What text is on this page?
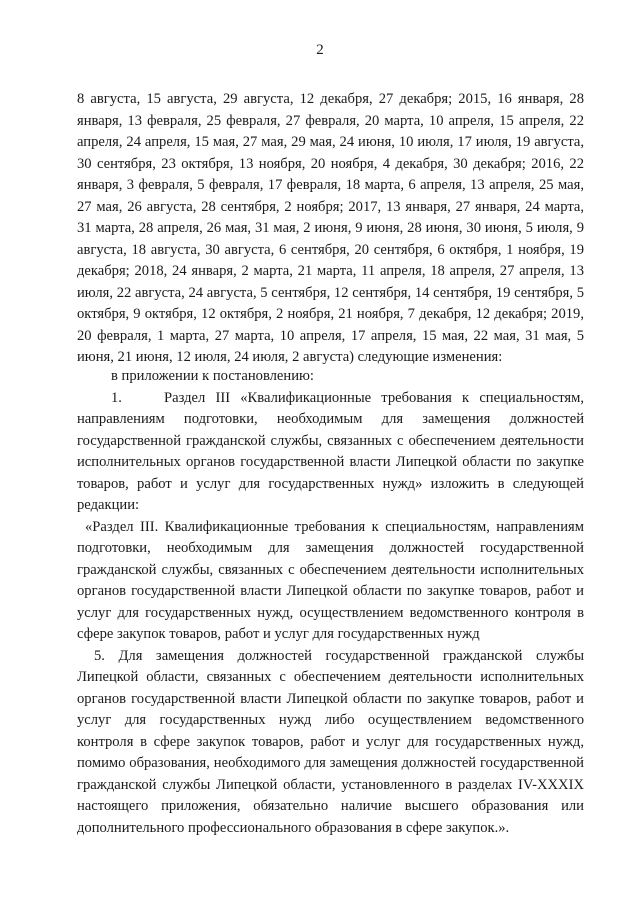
2

8 августа, 15 августа, 29 августа, 12 декабря, 27 декабря; 2015, 16 января, 28 января, 13 февраля, 25 февраля, 27 февраля, 20 марта, 10 апреля, 15 апреля, 22 апреля, 24 апреля, 15 мая, 27 мая, 29 мая, 24 июня, 10 июля, 17 июля, 19 августа, 30 сентября, 23 октября, 13 ноября, 20 ноября, 4 декабря, 30 декабря; 2016, 22 января, 3 февраля, 5 февраля, 17 февраля, 18 марта, 6 апреля, 13 апреля, 25 мая, 27 мая, 26 августа, 28 сентября, 2 ноября; 2017, 13 января, 27 января, 24 марта, 31 марта, 28 апреля, 26 мая, 31 мая, 2 июня, 9 июня, 28 июня, 30 июня, 5 июля, 9 августа, 18 августа, 30 августа, 6 сентября, 20 сентября, 6 октября, 1 ноября, 19 декабря; 2018, 24 января, 2 марта, 21 марта, 11 апреля, 18 апреля, 27 апреля, 13 июля, 22 августа, 24 августа, 5 сентября, 12 сентября, 14 сентября, 19 сентября, 5 октября, 9 октября, 12 октября, 2 ноября, 21 ноября, 7 декабря, 12 декабря; 2019, 20 февраля, 1 марта, 27 марта, 10 апреля, 17 апреля, 15 мая, 22 мая, 31 мая, 5 июня, 21 июня, 12 июля, 24 июля, 2 августа) следующие изменения:

в приложении к постановлению:

1.	Раздел III «Квалификационные требования к специальностям, направлениям подготовки, необходимым для замещения должностей государственной гражданской службы, связанных с обеспечением деятельности исполнительных органов государственной власти Липецкой области по закупке товаров, работ и услуг для государственных нужд» изложить в следующей редакции:

«Раздел III. Квалификационные требования к специальностям, направлениям подготовки, необходимым для замещения должностей государственной гражданской службы, связанных с обеспечением деятельности исполнительных органов государственной власти Липецкой области по закупке товаров, работ и услуг для государственных нужд, осуществлением ведомственного контроля в сфере закупок товаров, работ и услуг для государственных нужд

5. Для замещения должностей государственной гражданской службы Липецкой области, связанных с обеспечением деятельности исполнительных органов государственной власти Липецкой области по закупке товаров, работ и услуг для государственных нужд либо осуществлением ведомственного контроля в сфере закупок товаров, работ и услуг для государственных нужд, помимо образования, необходимого для замещения должностей государственной гражданской службы Липецкой области, установленного в разделах IV-XXXIX настоящего приложения, обязательно наличие высшего образования или дополнительного профессионального образования в сфере закупок.».
